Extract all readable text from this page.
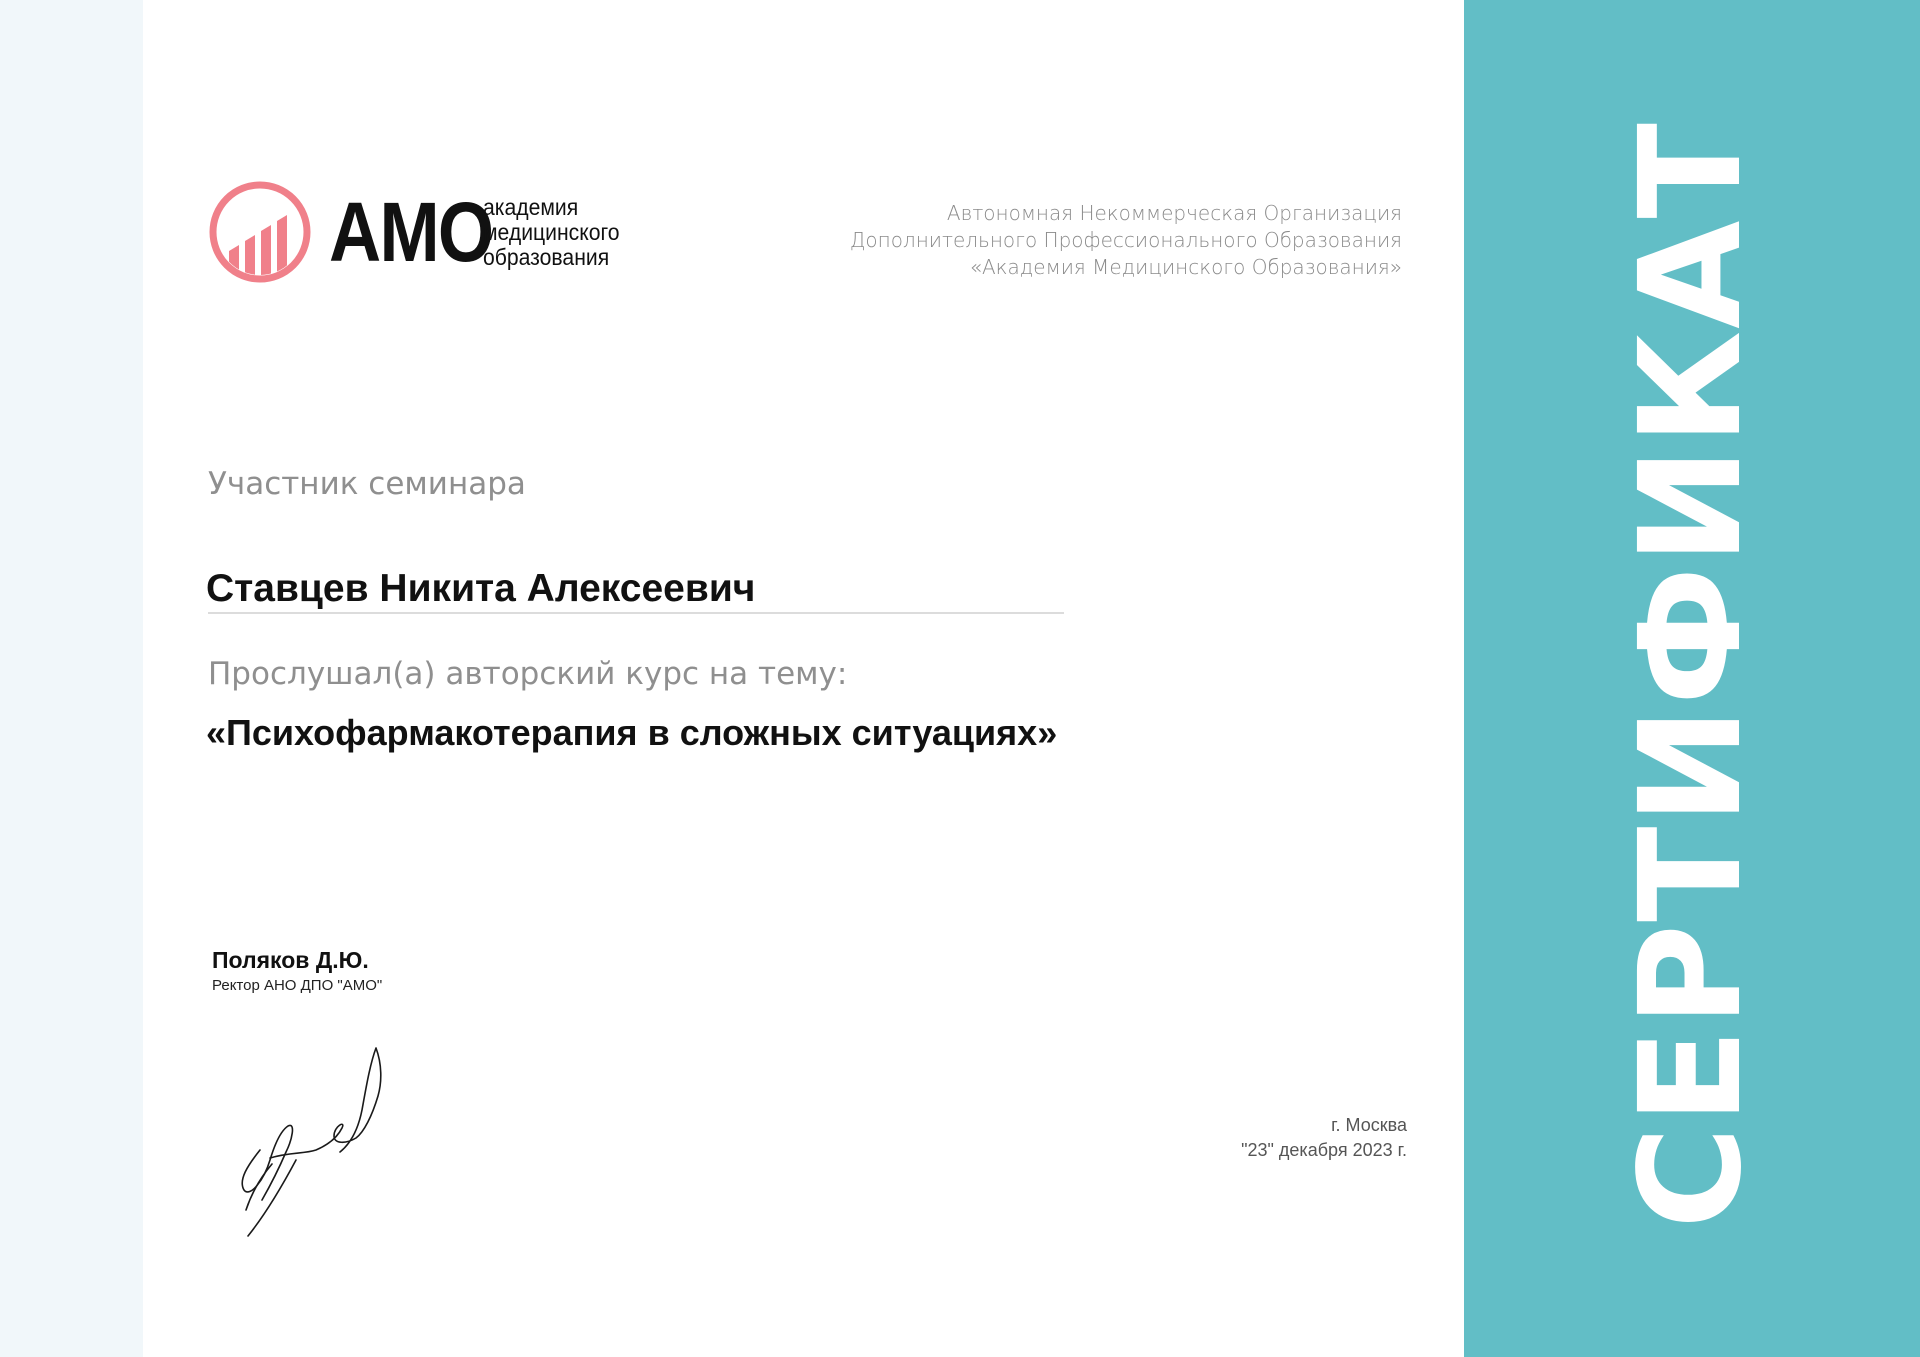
СЕРТИФИКАТ
АМО
академия
медицинского
образования
Автономная Некоммерческая Организация
Дополнительного Профессионального Образования
«Академия Медицинского Образования»
Участник семинара
Ставцев Никита Алексеевич
Прослушал(а) авторский курс на тему:
«Психофармакотерапия в сложных ситуациях»
Поляков Д.Ю.
Ректор АНО ДПО "АМО"
г. Москва
"23" декабря 2023 г.
